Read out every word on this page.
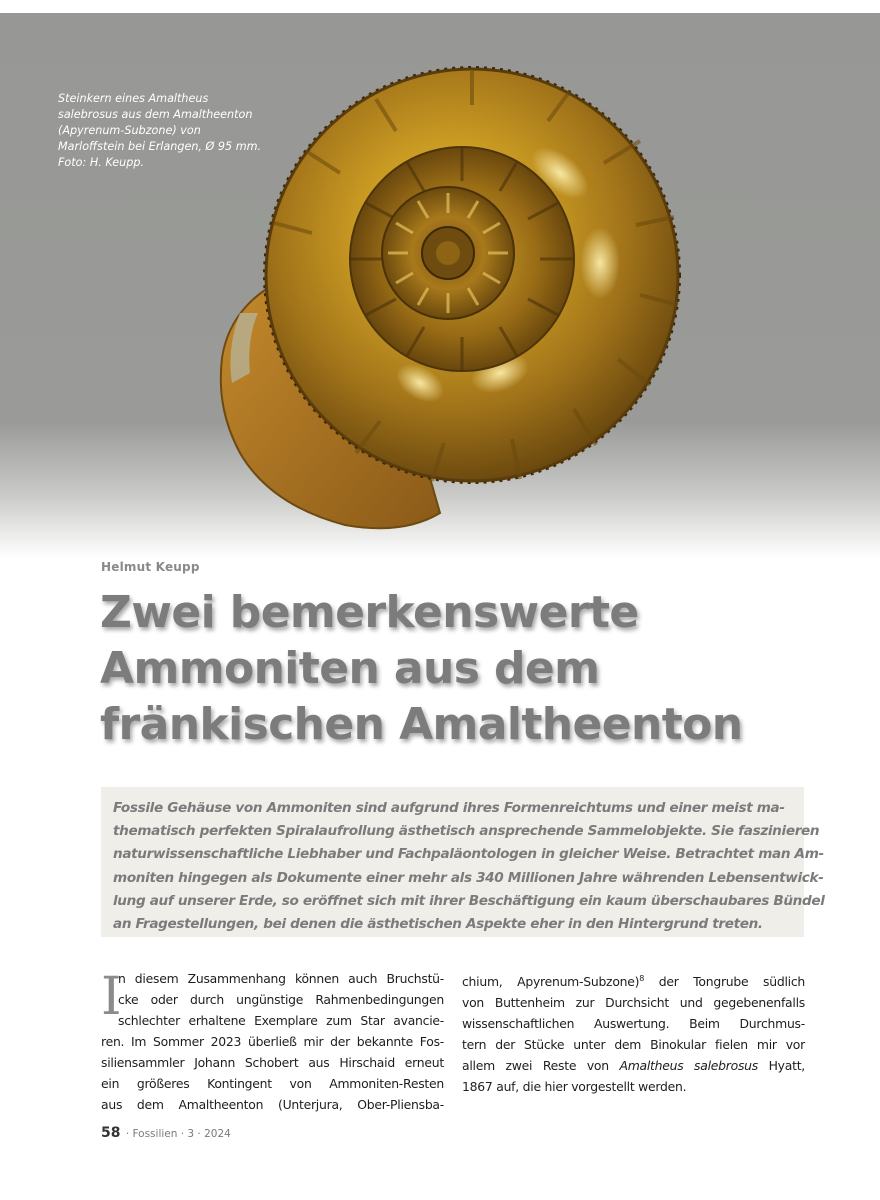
Steinkern eines Amaltheus
salebrosus aus dem Amaltheenton
(Apyrenum-Subzone) von
Marloffstein bei Erlangen, Ø 95 mm.
Foto: H. Keupp.
Helmut Keupp
Zwei bemerkenswerte
Ammoniten aus dem
fränkischen Amaltheenton
Fossile Gehäuse von Ammoniten sind aufgrund ihres Formenreichtums und einer meist ma-
thematisch perfekten Spiralaufrollung ästhetisch ansprechende Sammelobjekte. Sie faszinieren
naturwissenschaftliche Liebhaber und Fachpaläontologen in gleicher Weise. Betrachtet man Am-
moniten hingegen als Dokumente einer mehr als 340 Millionen Jahre währenden Lebensentwick-
lung auf unserer Erde, so eröffnet sich mit ihrer Beschäftigung ein kaum überschaubares Bündel
an Fragestellungen, bei denen die ästhetischen Aspekte eher in den Hintergrund treten.
I
n diesem Zusammenhang können auch Bruchstü-
cke oder durch ungünstige Rahmenbedingungen
schlechter erhaltene Exemplare zum Star avancie-
ren. Im Sommer 2023 überließ mir der bekannte Fos-
siliensammler Johann Schobert aus Hirschaid erneut
ein größeres Kontingent von Ammoniten-Resten
aus dem Amaltheenton (Unterjura, Ober-Pliensba-
chium, Apyrenum-Subzone)$^8$ der Tongrube südlich
von Buttenheim zur Durchsicht und gegebenenfalls
wissenschaftlichen Auswertung. Beim Durchmus-
tern der Stücke unter dem Binokular fielen mir vor
allem zwei Reste von Amaltheus salebrosus Hyatt,
1867 auf, die hier vorgestellt werden.
58 · Fossilien · 3 · 2024
